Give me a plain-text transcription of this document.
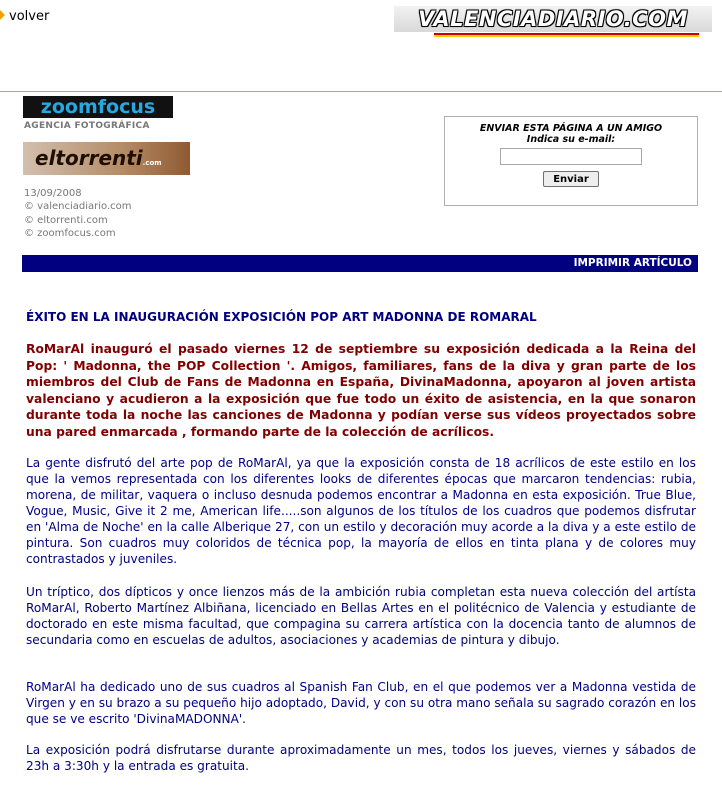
volver	VALENCIADIARIO.COM
zoomfocus
AGENCIA FOTOGRÁFICA
eltorrenti.com
13/09/2008
© valenciadiario.com
© eltorrenti.com
© zoomfocus.com
ENVIAR ESTA PÁGINA A UN AMIGO
Indica su e-mail:
Enviar
IMPRIMIR ARTÍCULO
ÉXITO EN LA INAUGURACIÓN EXPOSICIÓN POP ART MADONNA DE ROMARAL
RoMarAl inauguró el pasado viernes 12 de septiembre su exposición dedicada a la Reina del Pop: ' Madonna, the POP Collection '. Amigos, familiares, fans de la diva y gran parte de los miembros del Club de Fans de Madonna en España, DivinaMadonna, apoyaron al joven artista valenciano y acudieron a la exposición que fue todo un éxito de asistencia, en la que sonaron durante toda la noche las canciones de Madonna y podían verse sus vídeos proyectados sobre una pared enmarcada , formando parte de la colección de acrílicos.
La gente disfrutó del arte pop de RoMarAl, ya que la exposición consta de 18 acrílicos de este estilo en los que la vemos representada con los diferentes looks de diferentes épocas que marcaron tendencias: rubia, morena, de militar, vaquera o incluso desnuda podemos encontrar a Madonna en esta exposición. True Blue, Vogue, Music, Give it 2 me, American life.....son algunos de los títulos de los cuadros que podemos disfrutar en 'Alma de Noche' en la calle Alberique 27, con un estilo y decoración muy acorde a la diva y a este estilo de pintura. Son cuadros muy coloridos de técnica pop, la mayoría de ellos en tinta plana y de colores muy contrastados y juveniles.
Un tríptico, dos dípticos y once lienzos más de la ambición rubia completan esta nueva colección del artísta RoMarAl, Roberto Martínez Albiñana, licenciado en Bellas Artes en el politécnico de Valencia y estudiante de doctorado en este misma facultad, que compagina su carrera artística con la docencia tanto de alumnos de secundaria como en escuelas de adultos, asociaciones y academias de pintura y dibujo.
RoMarAl ha dedicado uno de sus cuadros al Spanish Fan Club, en el que podemos ver a Madonna vestida de Virgen y en su brazo a su pequeño hijo adoptado, David, y con su otra mano señala su sagrado corazón en los que se ve escrito 'DivinaMADONNA'.
La exposición podrá disfrutarse durante aproximadamente un mes, todos los jueves, viernes y sábados de 23h a 3:30h y la entrada es gratuita.
